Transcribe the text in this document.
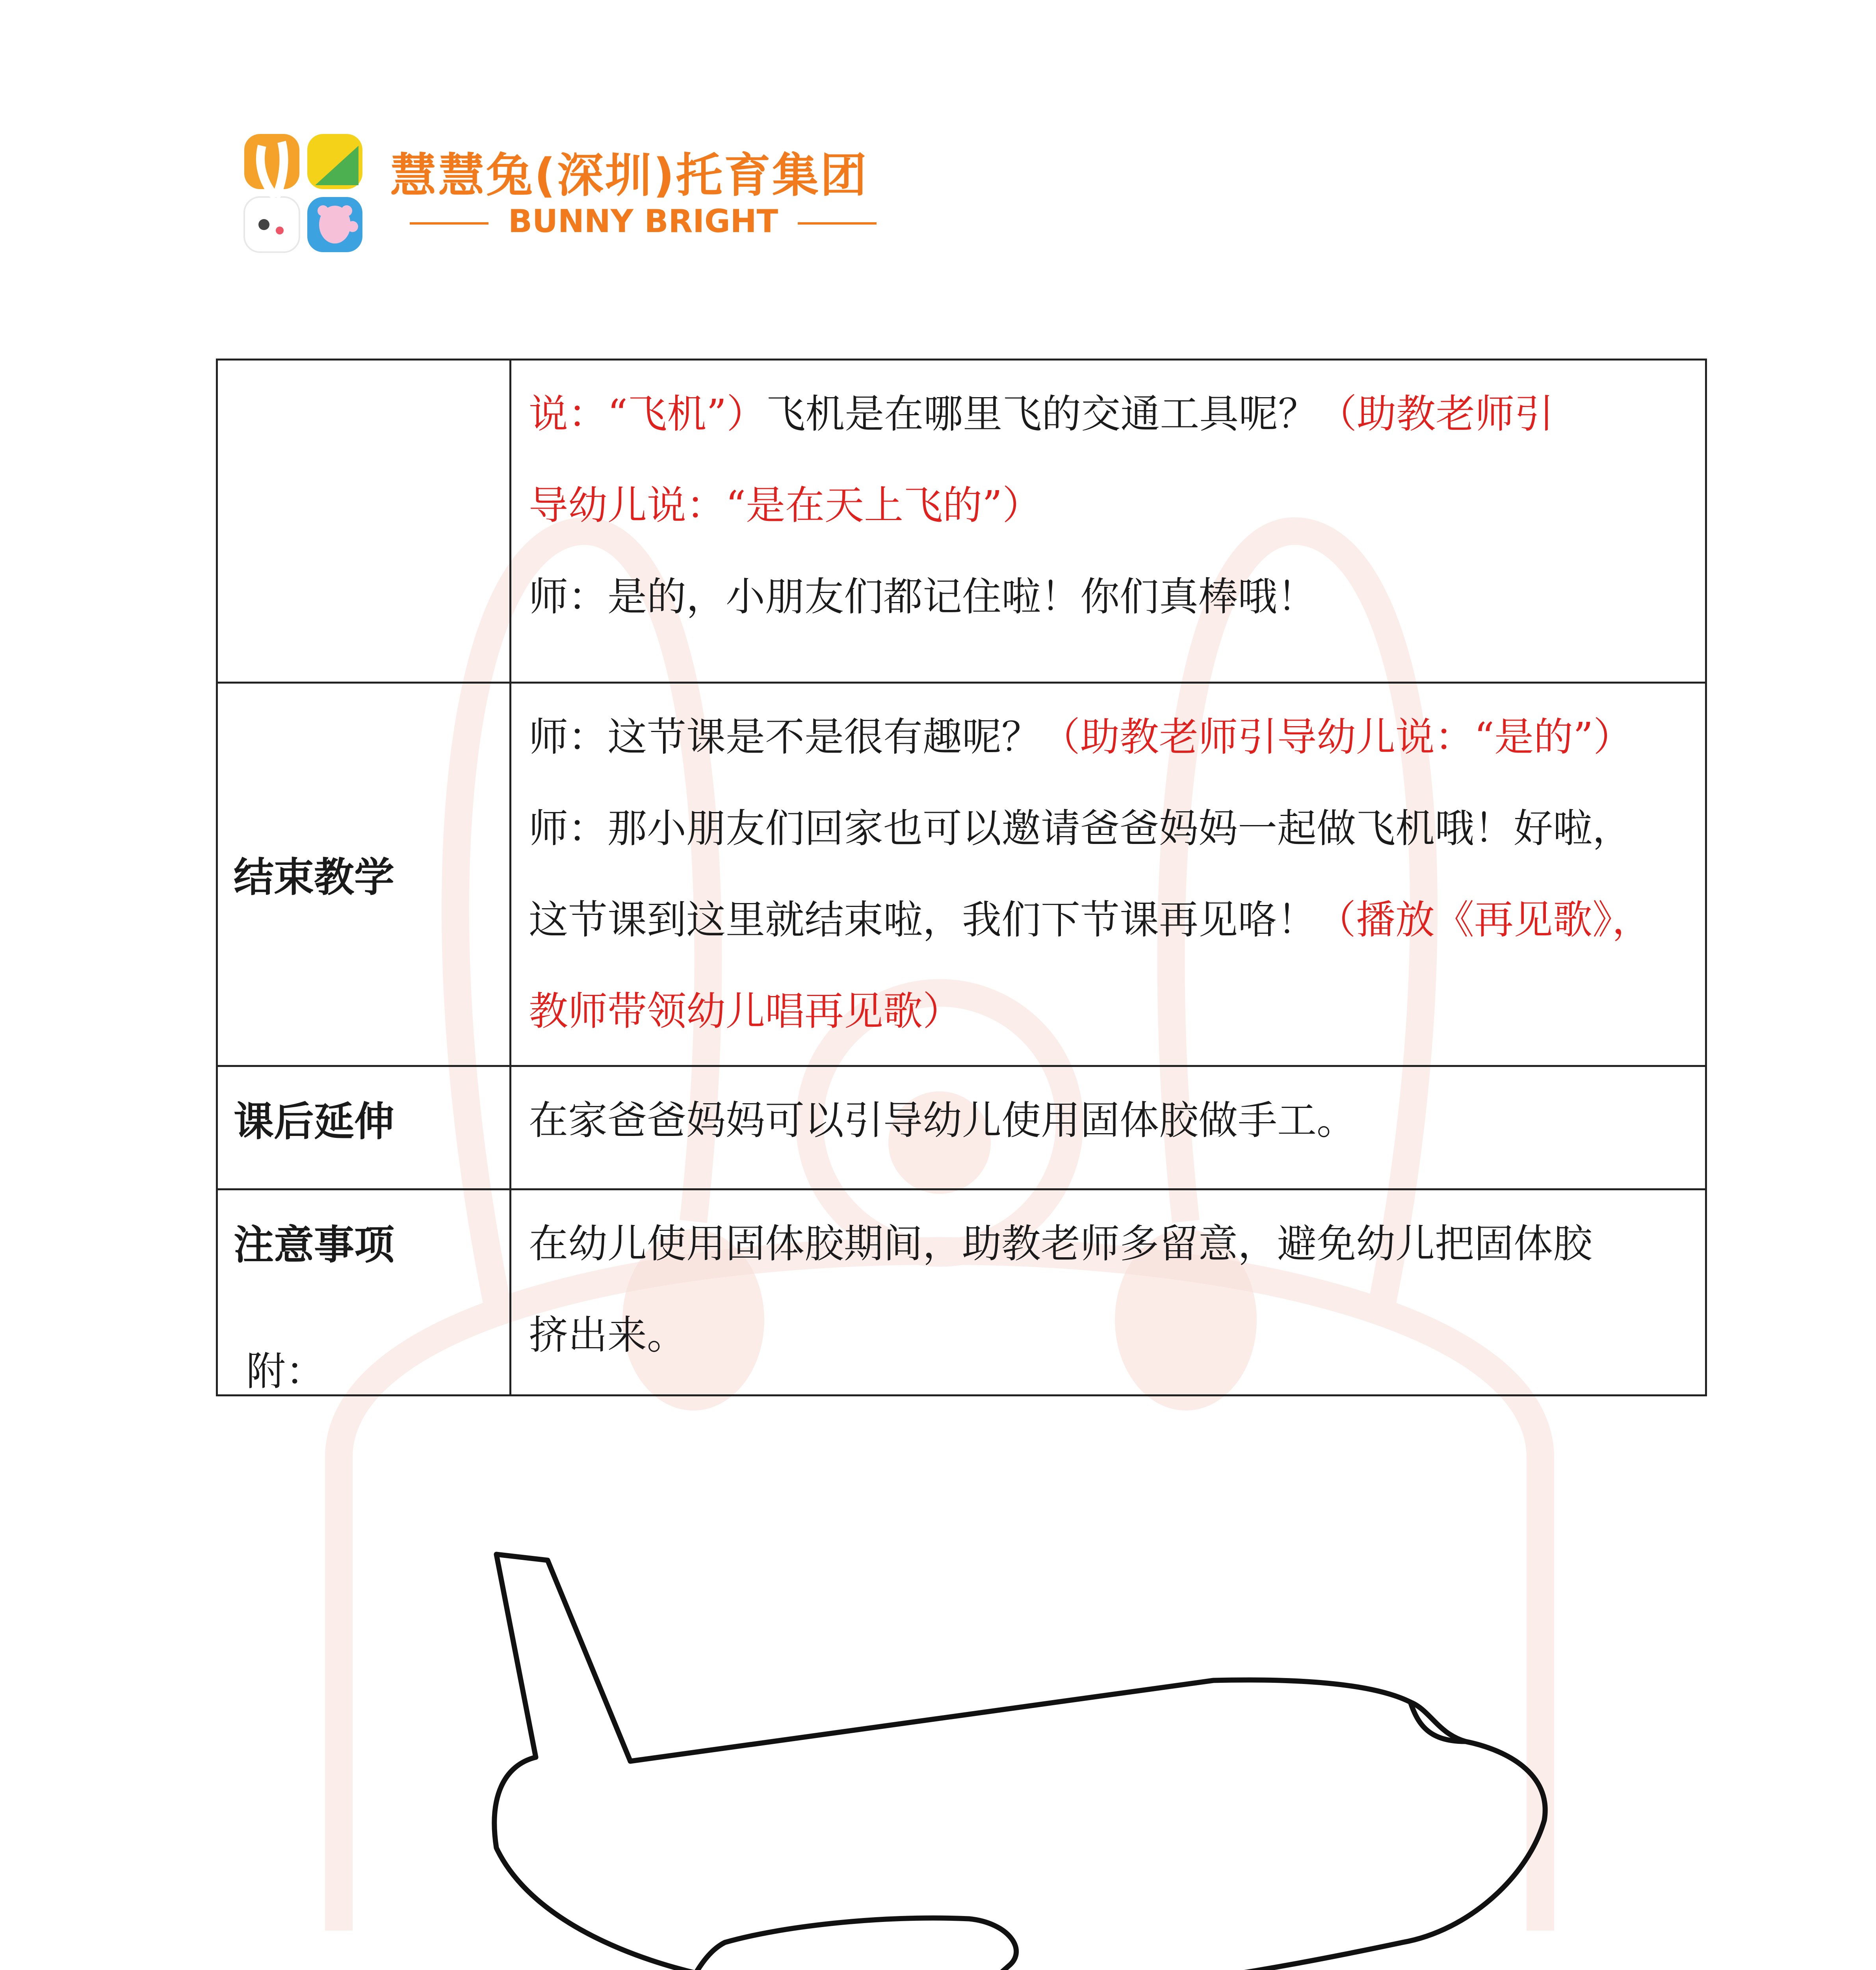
慧慧兔(深圳)托育集团
BUNNY BRIGHT

	说：“飞机”）飞机是在哪里飞的交通工具呢？（助教老师引
导幼儿说：“是在天上飞的”）
师：是的，小朋友们都记住啦！你们真棒哦！

结束教学	师：这节课是不是很有趣呢？（助教老师引导幼儿说：“是的”）
师：那小朋友们回家也可以邀请爸爸妈妈一起做飞机哦！好啦，
这节课到这里就结束啦，我们下节课再见咯！（播放《再见歌》，
教师带领幼儿唱再见歌）

课后延伸	在家爸爸妈妈可以引导幼儿使用固体胶做手工。

注意事项	在幼儿使用固体胶期间，助教老师多留意，避免幼儿把固体胶
挤出来。
附：
